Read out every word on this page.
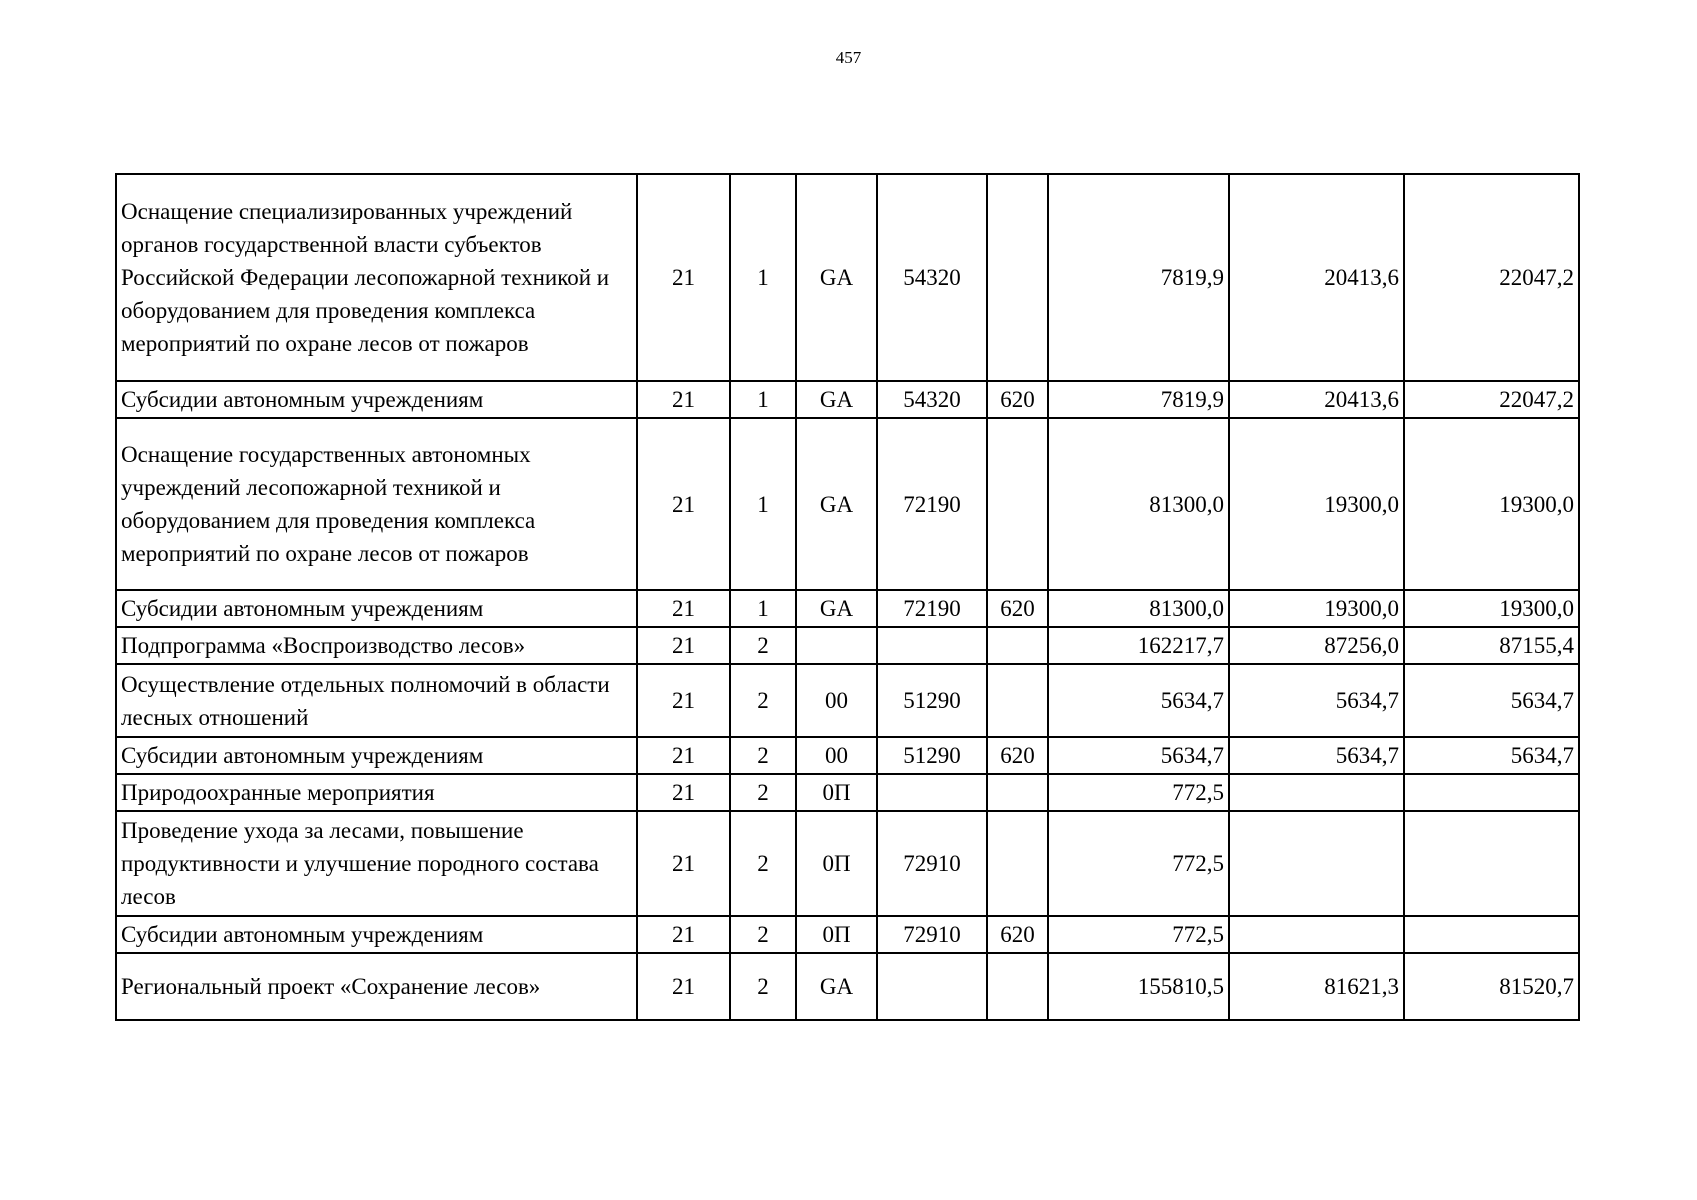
457
Оснащение специализированных учреждений органов государственной власти субъектов Российской Федерации лесопожарной техникой и оборудованием для проведения комплекса мероприятий по охране лесов от пожаров	21	1	GA	54320		7819,9	20413,6	22047,2
Субсидии автономным учреждениям	21	1	GA	54320	620	7819,9	20413,6	22047,2
Оснащение государственных автономных учреждений лесопожарной техникой и оборудованием для проведения комплекса мероприятий по охране лесов от пожаров	21	1	GA	72190		81300,0	19300,0	19300,0
Субсидии автономным учреждениям	21	1	GA	72190	620	81300,0	19300,0	19300,0
Подпрограмма «Воспроизводство лесов»	21	2				162217,7	87256,0	87155,4
Осуществление отдельных полномочий в области лесных отношений	21	2	00	51290		5634,7	5634,7	5634,7
Субсидии автономным учреждениям	21	2	00	51290	620	5634,7	5634,7	5634,7
Природоохранные мероприятия	21	2	0П			772,5		
Проведение ухода за лесами, повышение продуктивности и улучшение породного состава лесов	21	2	0П	72910		772,5		
Субсидии автономным учреждениям	21	2	0П	72910	620	772,5		
Региональный проект «Сохранение лесов»	21	2	GA			155810,5	81621,3	81520,7
